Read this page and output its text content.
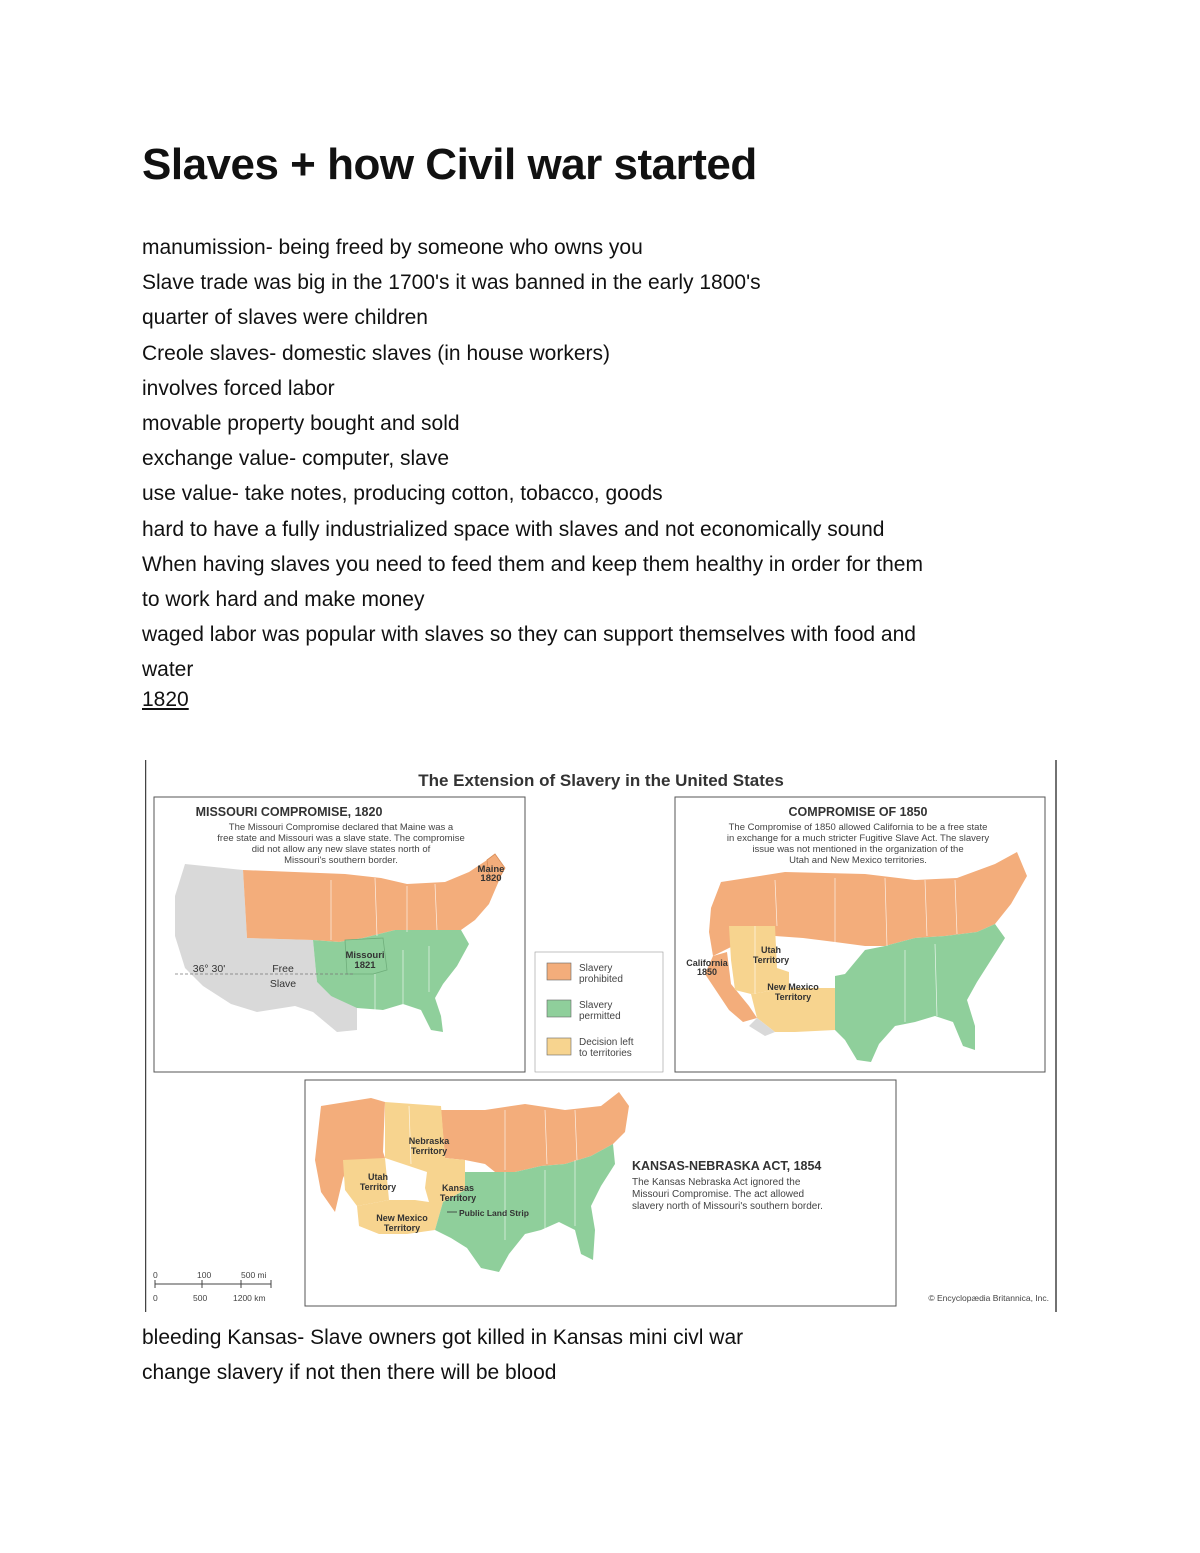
Slaves + how Civil war started
manumission- being freed by someone who owns you
Slave trade was big in the 1700's it was banned in the early 1800's
quarter of slaves were children
Creole slaves- domestic slaves (in house workers)
involves forced labor
movable property bought and sold
exchange value- computer, slave
use value- take notes, producing cotton, tobacco, goods
hard to have a fully industrialized space with slaves and not economically sound
When having slaves you need to feed them and keep them healthy in order for them
to work hard and make money
waged labor was popular with slaves so they can support themselves with food and
water
1820
The Extension of Slavery in the United States
MISSOURI COMPROMISE, 1820
The Missouri Compromise declared that Maine was a
free state and Missouri was a slave state. The compromise
did not allow any new slave states north of
Missouri's southern border.
Maine
1820
Missouri
1821
36° 30'	Free
Slave
Slavery
prohibited
Slavery
permitted
Decision left
to territories
COMPROMISE OF 1850
The Compromise of 1850 allowed California to be a free state
in exchange for a much stricter Fugitive Slave Act. The slavery
issue was not mentioned in the organization of the
Utah and New Mexico territories.
California
1850
Utah
Territory
New Mexico
Territory
Nebraska
Territory
Utah
Territory	Kansas
Territory
New Mexico
Territory
Public Land Strip
KANSAS-NEBRASKA ACT, 1854
The Kansas Nebraska Act ignored the
Missouri Compromise. The act allowed
slavery north of Missouri's southern border.
0	100	500 mi
0	500	1200 km	© Encyclopædia Britannica, Inc.
bleeding Kansas- Slave owners got killed in Kansas mini civl war
change slavery if not then there will be blood
